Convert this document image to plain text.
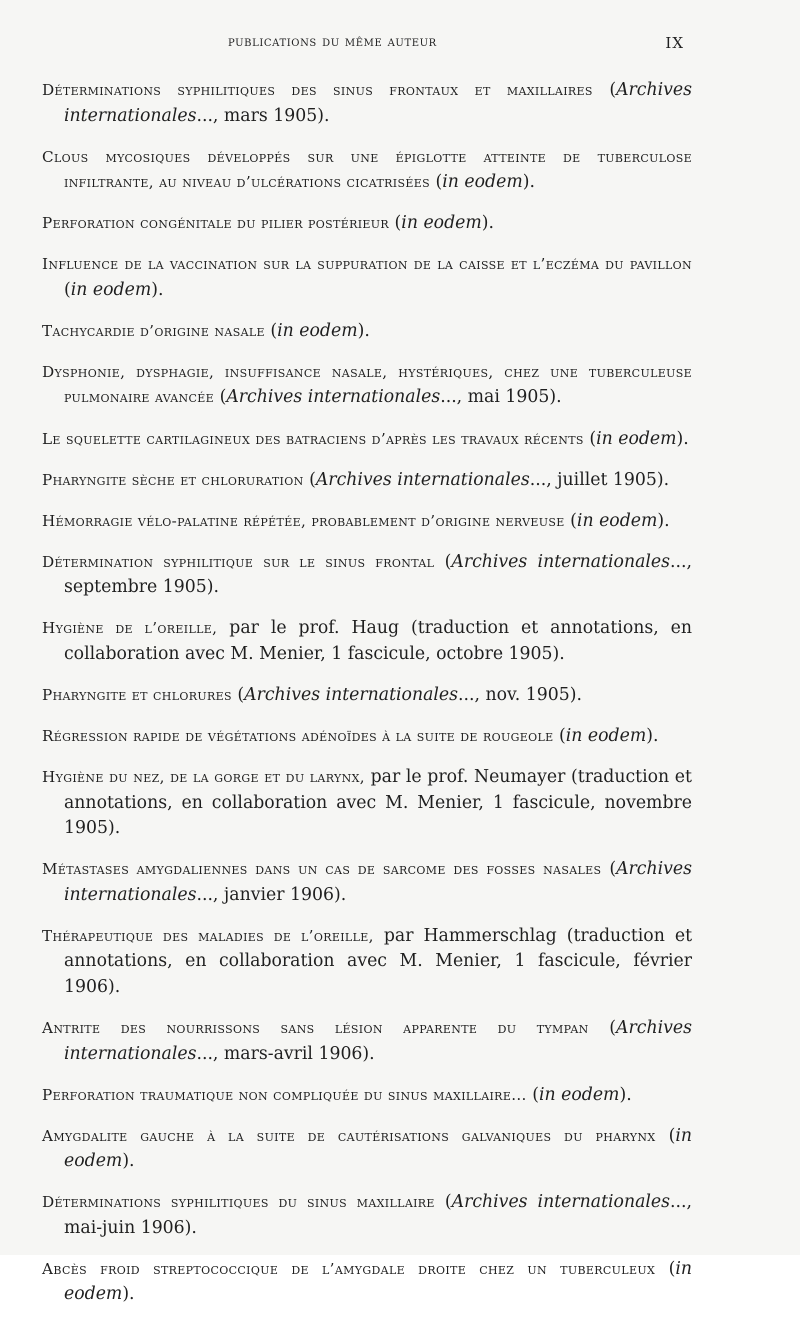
publications du même auteur	IX
Déterminations syphilitiques des sinus frontaux et maxillaires (Archives internationales..., mars 1905).
Clous mycosiques développés sur une épiglotte atteinte de tuberculose infiltrante, au niveau d’ulcérations cicatrisées (in eodem).
Perforation congénitale du pilier postérieur (in eodem).
Influence de la vaccination sur la suppuration de la caisse et l’eczéma du pavillon (in eodem).
Tachycardie d’origine nasale (in eodem).
Dysphonie, dysphagie, insuffisance nasale, hystériques, chez une tuberculeuse pulmonaire avancée (Archives internationales..., mai 1905).
Le squelette cartilagineux des batraciens d’après les travaux récents (in eodem).
Pharyngite sèche et chloruration (Archives internationales..., juillet 1905).
Hémorragie vélo-palatine répétée, probablement d’origine nerveuse (in eodem).
Détermination syphilitique sur le sinus frontal (Archives internationales..., septembre 1905).
Hygiène de l’oreille, par le prof. Haug (traduction et annotations, en collaboration avec M. Menier, 1 fascicule, octobre 1905).
Pharyngite et chlorures (Archives internationales..., nov. 1905).
Régression rapide de végétations adénoïdes à la suite de rougeole (in eodem).
Hygiène du nez, de la gorge et du larynx, par le prof. Neumayer (traduction et annotations, en collaboration avec M. Menier, 1 fascicule, novembre 1905).
Métastases amygdaliennes dans un cas de sarcome des fosses nasales (Archives internationales..., janvier 1906).
Thérapeutique des maladies de l’oreille, par Hammerschlag (traduction et annotations, en collaboration avec M. Menier, 1 fascicule, février 1906).
Antrite des nourrissons sans lésion apparente du tympan (Archives internationales..., mars-avril 1906).
Perforation traumatique non compliquée du sinus maxillaire... (in eodem).
Amygdalite gauche à la suite de cautérisations galvaniques du pharynx (in eodem).
Déterminations syphilitiques du sinus maxillaire (Archives internationales..., mai-juin 1906).
Abcès froid streptococcique de l’amygdale droite chez un tuberculeux (in eodem).
